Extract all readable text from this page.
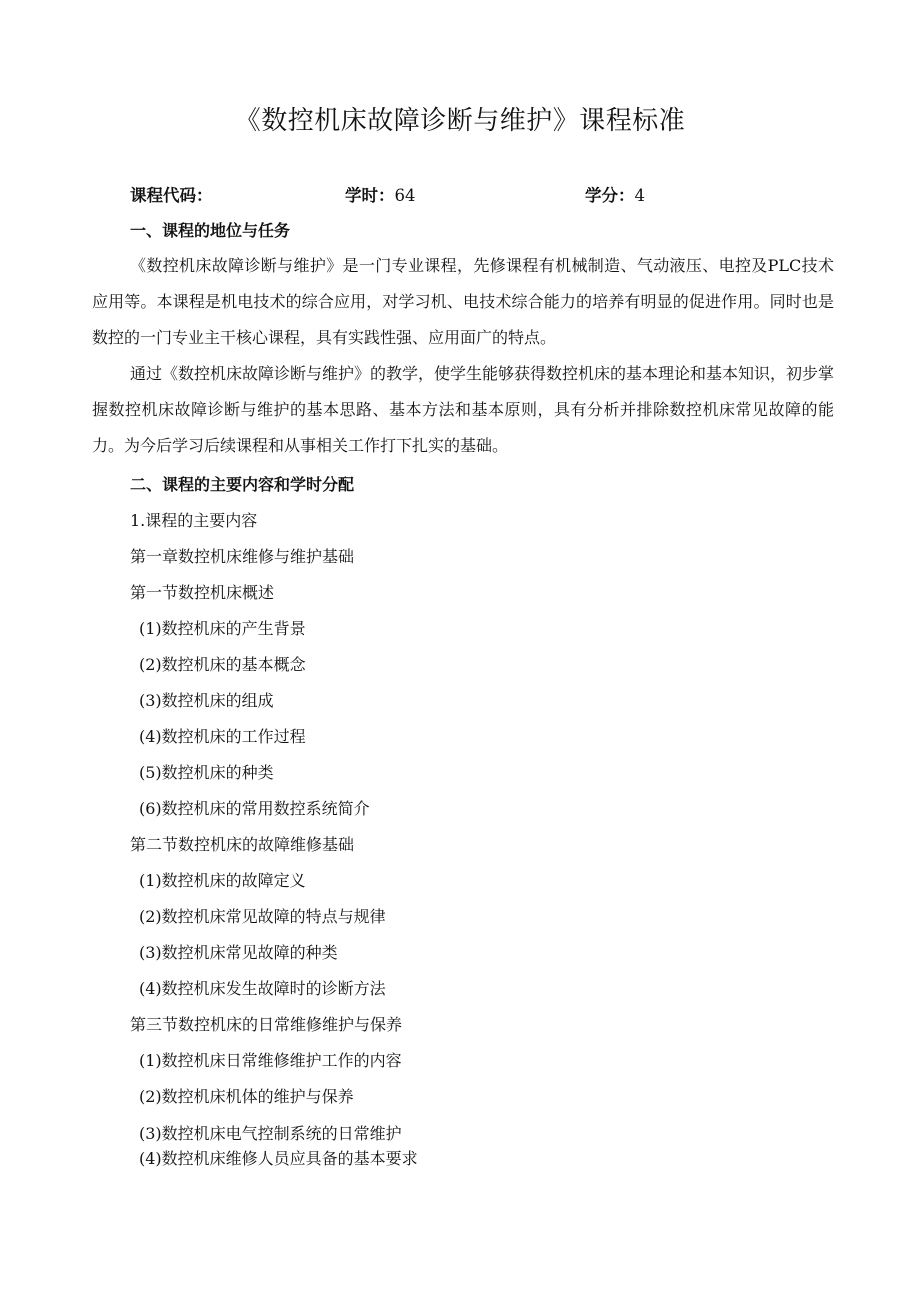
《数控机床故障诊断与维护》课程标准
课程代码：	学时：64	学分：4
一、课程的地位与任务
《数控机床故障诊断与维护》是一门专业课程，先修课程有机械制造、气动液压、电控及PLC技术应用等。本课程是机电技术的综合应用，对学习机、电技术综合能力的培养有明显的促进作用。同时也是数控的一门专业主干核心课程，具有实践性强、应用面广的特点。
通过《数控机床故障诊断与维护》的教学，使学生能够获得数控机床的基本理论和基本知识，初步掌握数控机床故障诊断与维护的基本思路、基本方法和基本原则，具有分析并排除数控机床常见故障的能力。为今后学习后续课程和从事相关工作打下扎实的基础。
二、课程的主要内容和学时分配
1.课程的主要内容
第一章数控机床维修与维护基础
第一节数控机床概述
(1)数控机床的产生背景
(2)数控机床的基本概念
(3)数控机床的组成
(4)数控机床的工作过程
(5)数控机床的种类
(6)数控机床的常用数控系统简介
第二节数控机床的故障维修基础
(1)数控机床的故障定义
(2)数控机床常见故障的特点与规律
(3)数控机床常见故障的种类
(4)数控机床发生故障时的诊断方法
第三节数控机床的日常维修维护与保养
(1)数控机床日常维修维护工作的内容
(2)数控机床机体的维护与保养
(3)数控机床电气控制系统的日常维护
(4)数控机床维修人员应具备的基本要求
